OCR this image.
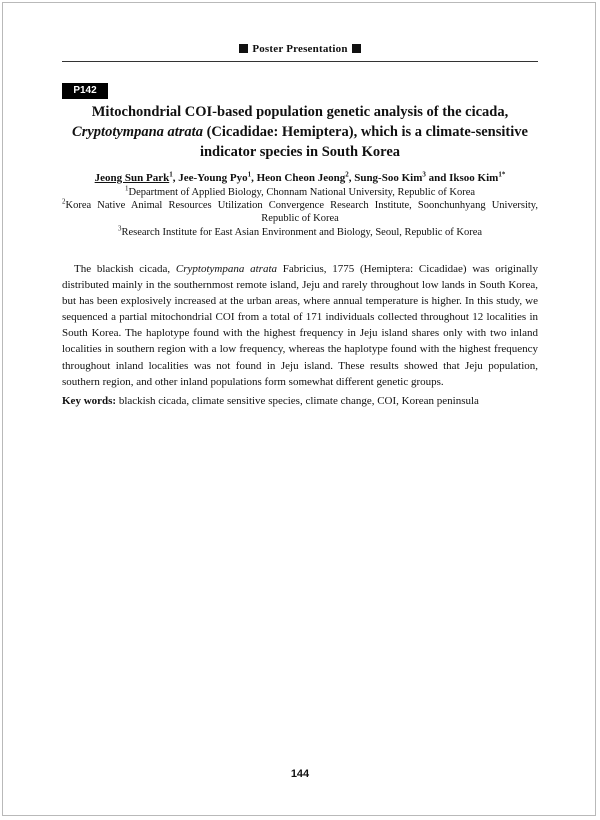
Poster Presentation
P142
Mitochondrial COI-based population genetic analysis of the cicada, Cryptotympana atrata (Cicadidae: Hemiptera), which is a climate-sensitive indicator species in South Korea
Jeong Sun Park$^1$, Jee-Young Pyo$^1$, Heon Cheon Jeong$^2$, Sung-Soo Kim$^3$ and Iksoo Kim$^{1*}$
$^1$Department of Applied Biology, Chonnam National University, Republic of Korea
$^2$Korea Native Animal Resources Utilization Convergence Research Institute, Soonchunhyang University, Republic of Korea
$^3$Research Institute for East Asian Environment and Biology, Seoul, Republic of Korea

The blackish cicada, Cryptotympana atrata Fabricius, 1775 (Hemiptera: Cicadidae) was originally distributed mainly in the southernmost remote island, Jeju and rarely throughout low lands in South Korea, but has been explosively increased at the urban areas, where annual temperature is higher. In this study, we sequenced a partial mitochondrial COI from a total of 171 individuals collected throughout 12 localities in South Korea. The haplotype found with the highest frequency in Jeju island shares only with two inland localities in southern region with a low frequency, whereas the haplotype found with the highest frequency throughout inland localities was not found in Jeju island. These results showed that Jeju population, southern region, and other inland populations form somewhat different genetic groups.

Key words: blackish cicada, climate sensitive species, climate change, COI, Korean peninsula
144
